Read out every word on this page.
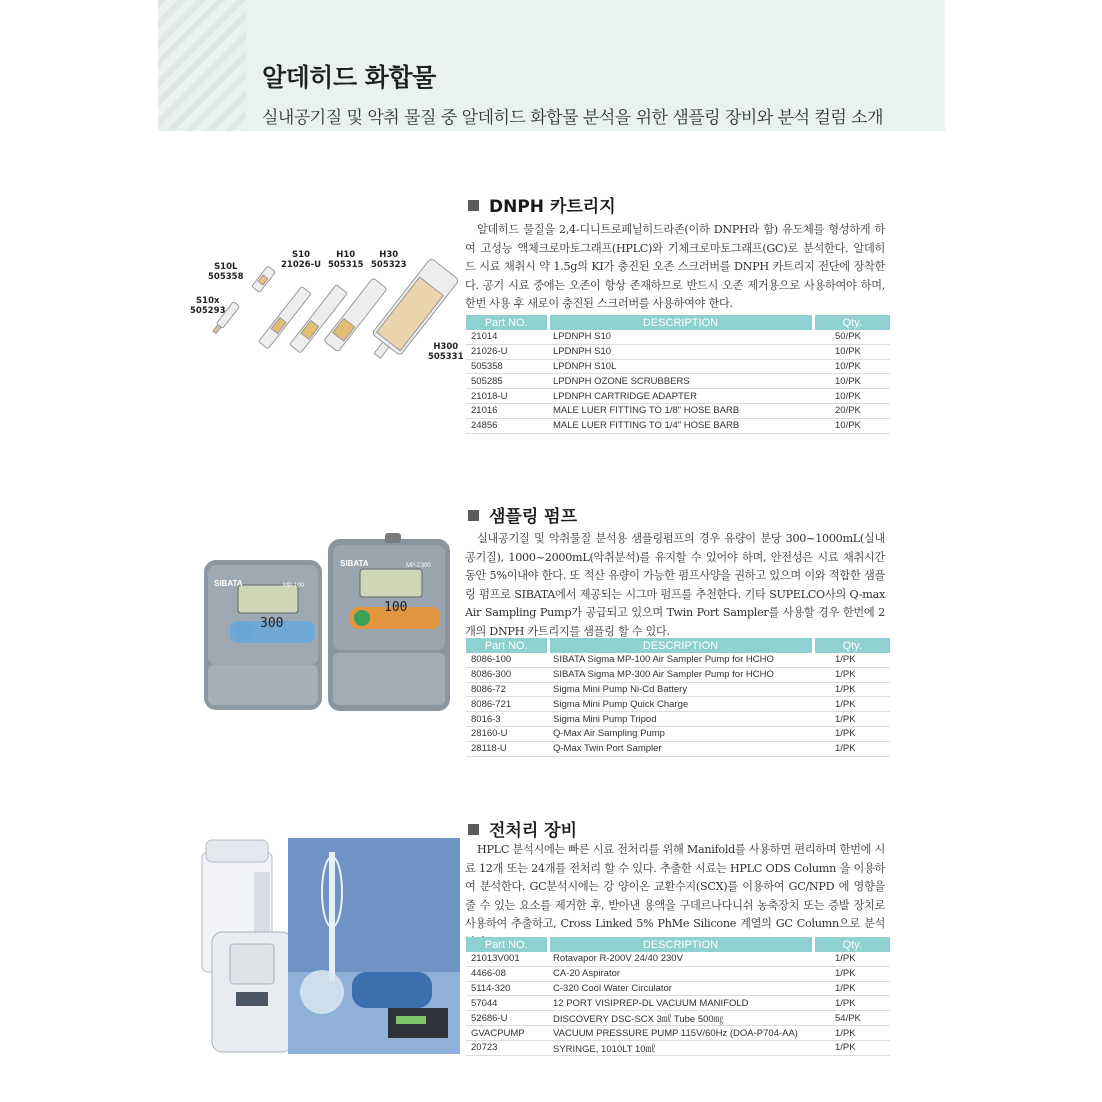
알데히드 화합물
실내공기질 및 악취 물질 중 알데히드 화합물 분석을 위한 샘플링 장비와 분석 컬럼 소개
S10L
505358
S10
21026-U
H10
505315
H30
505323
S10x
505293
H300
505331
DNPH 카트리지
알데히드 물질을 2,4-디니트로페닐히드라존(이하 DNPH라 함) 유도체를 형성하게 하여 고성능 액체크로마토그래프(HPLC)와 기체크로마토그래프(GC)로 분석한다. 알데히드 시료 채취시 약 1.5g의 KI가 충진된 오존 스크러버를 DNPH 카트리지 전단에 장착한다. 공기 시료 중에는 오존이 항상 존재하므로 반드시 오존 제거용으로 사용하여야 하며, 한번 사용 후 새로이 충진된 스크러버를 사용하여야 한다.
Part NO.	DESCRIPTION	Qty.
21014	LPDNPH S10	50/PK
21026-U	LPDNPH S10	10/PK
505358	LPDNPH S10L	10/PK
505285	LPDNPH OZONE SCRUBBERS	10/PK
21018-U	LPDNPH CARTRIDGE ADAPTER	10/PK
21016	MALE LUER FITTING TO 1/8" HOSE BARB	20/PK
24856	MALE LUER FITTING TO 1/4" HOSE BARB	10/PK
SIBATA	MP-100
SIBATA	MP-Σ300
300
100
샘플링 펌프
실내공기질 및 악취물질 분석용 샘플링펌프의 경우 유량이 분당 300~1000mL(실내공기질), 1000~2000mL(악취분석)를 유지할 수 있어야 하며, 안전성은 시료 채취시간 동안 5%이내야 한다. 또 적산 유량이 가능한 펌프사양을 권하고 있으며 이와 적합한 샘플링 펌프로 SIBATA에서 제공되는 시그마 펌프를 추천한다. 기타 SUPELCO사의 Q-max Air Sampling Pump가 공급되고 있으며 Twin Port Sampler를 사용할 경우 한번에 2개의 DNPH 카트리지를 샘플링 할 수 있다.
Part NO.	DESCRIPTION	Qty.
8086-100	SIBATA Sigma MP-100 Air Sampler Pump for HCHO	1/PK
8086-300	SIBATA Sigma MP-300 Air Sampler Pump for HCHO	1/PK
8086-72	Sigma Mini Pump Ni-Cd Battery	1/PK
8086-721	Sigma Mini Pump Quick Charge	1/PK
8016-3	Sigma Mini Pump Tripod	1/PK
28160-U	Q-Max Air Sampling Pump	1/PK
28118-U	Q-Max Twin Port Sampler	1/PK
전처리 장비
HPLC 분석시에는 빠른 시료 전처리를 위해 Manifold를 사용하면 편리하며 한번에 시료 12개 또는 24개를 전처리 할 수 있다. 추출한 시료는 HPLC ODS Column 을 이용하여 분석한다. GC분석시에는 강 양이온 교환수지(SCX)를 이용하여 GC/NPD 에 영향을 줄 수 있는 요소를 제거한 후, 받아낸 용액을 구데르나다니쉬 농축장치 또는 증발 장치로 사용하여 추출하고, Cross Linked 5% PhMe Silicone 계열의 GC Column으로 분석
Part NO.	DESCRIPTION	Qty.
21013V001	Rotavapor R-200V 24/40 230V	1/PK
4466-08	CA-20 Aspirator	1/PK
5114-320	C-320 Cool Water Circulator	1/PK
57044	12 PORT VISIPREP-DL VACUUM MANIFOLD	1/PK
52686-U	DISCOVERY DSC-SCX 3㎖ Tube 500㎎	54/PK
GVACPUMP	VACUUM PRESSURE PUMP 115V/60Hz (DOA-P704-AA)	1/PK
20723	SYRINGE, 1010LT 10㎖	1/PK
